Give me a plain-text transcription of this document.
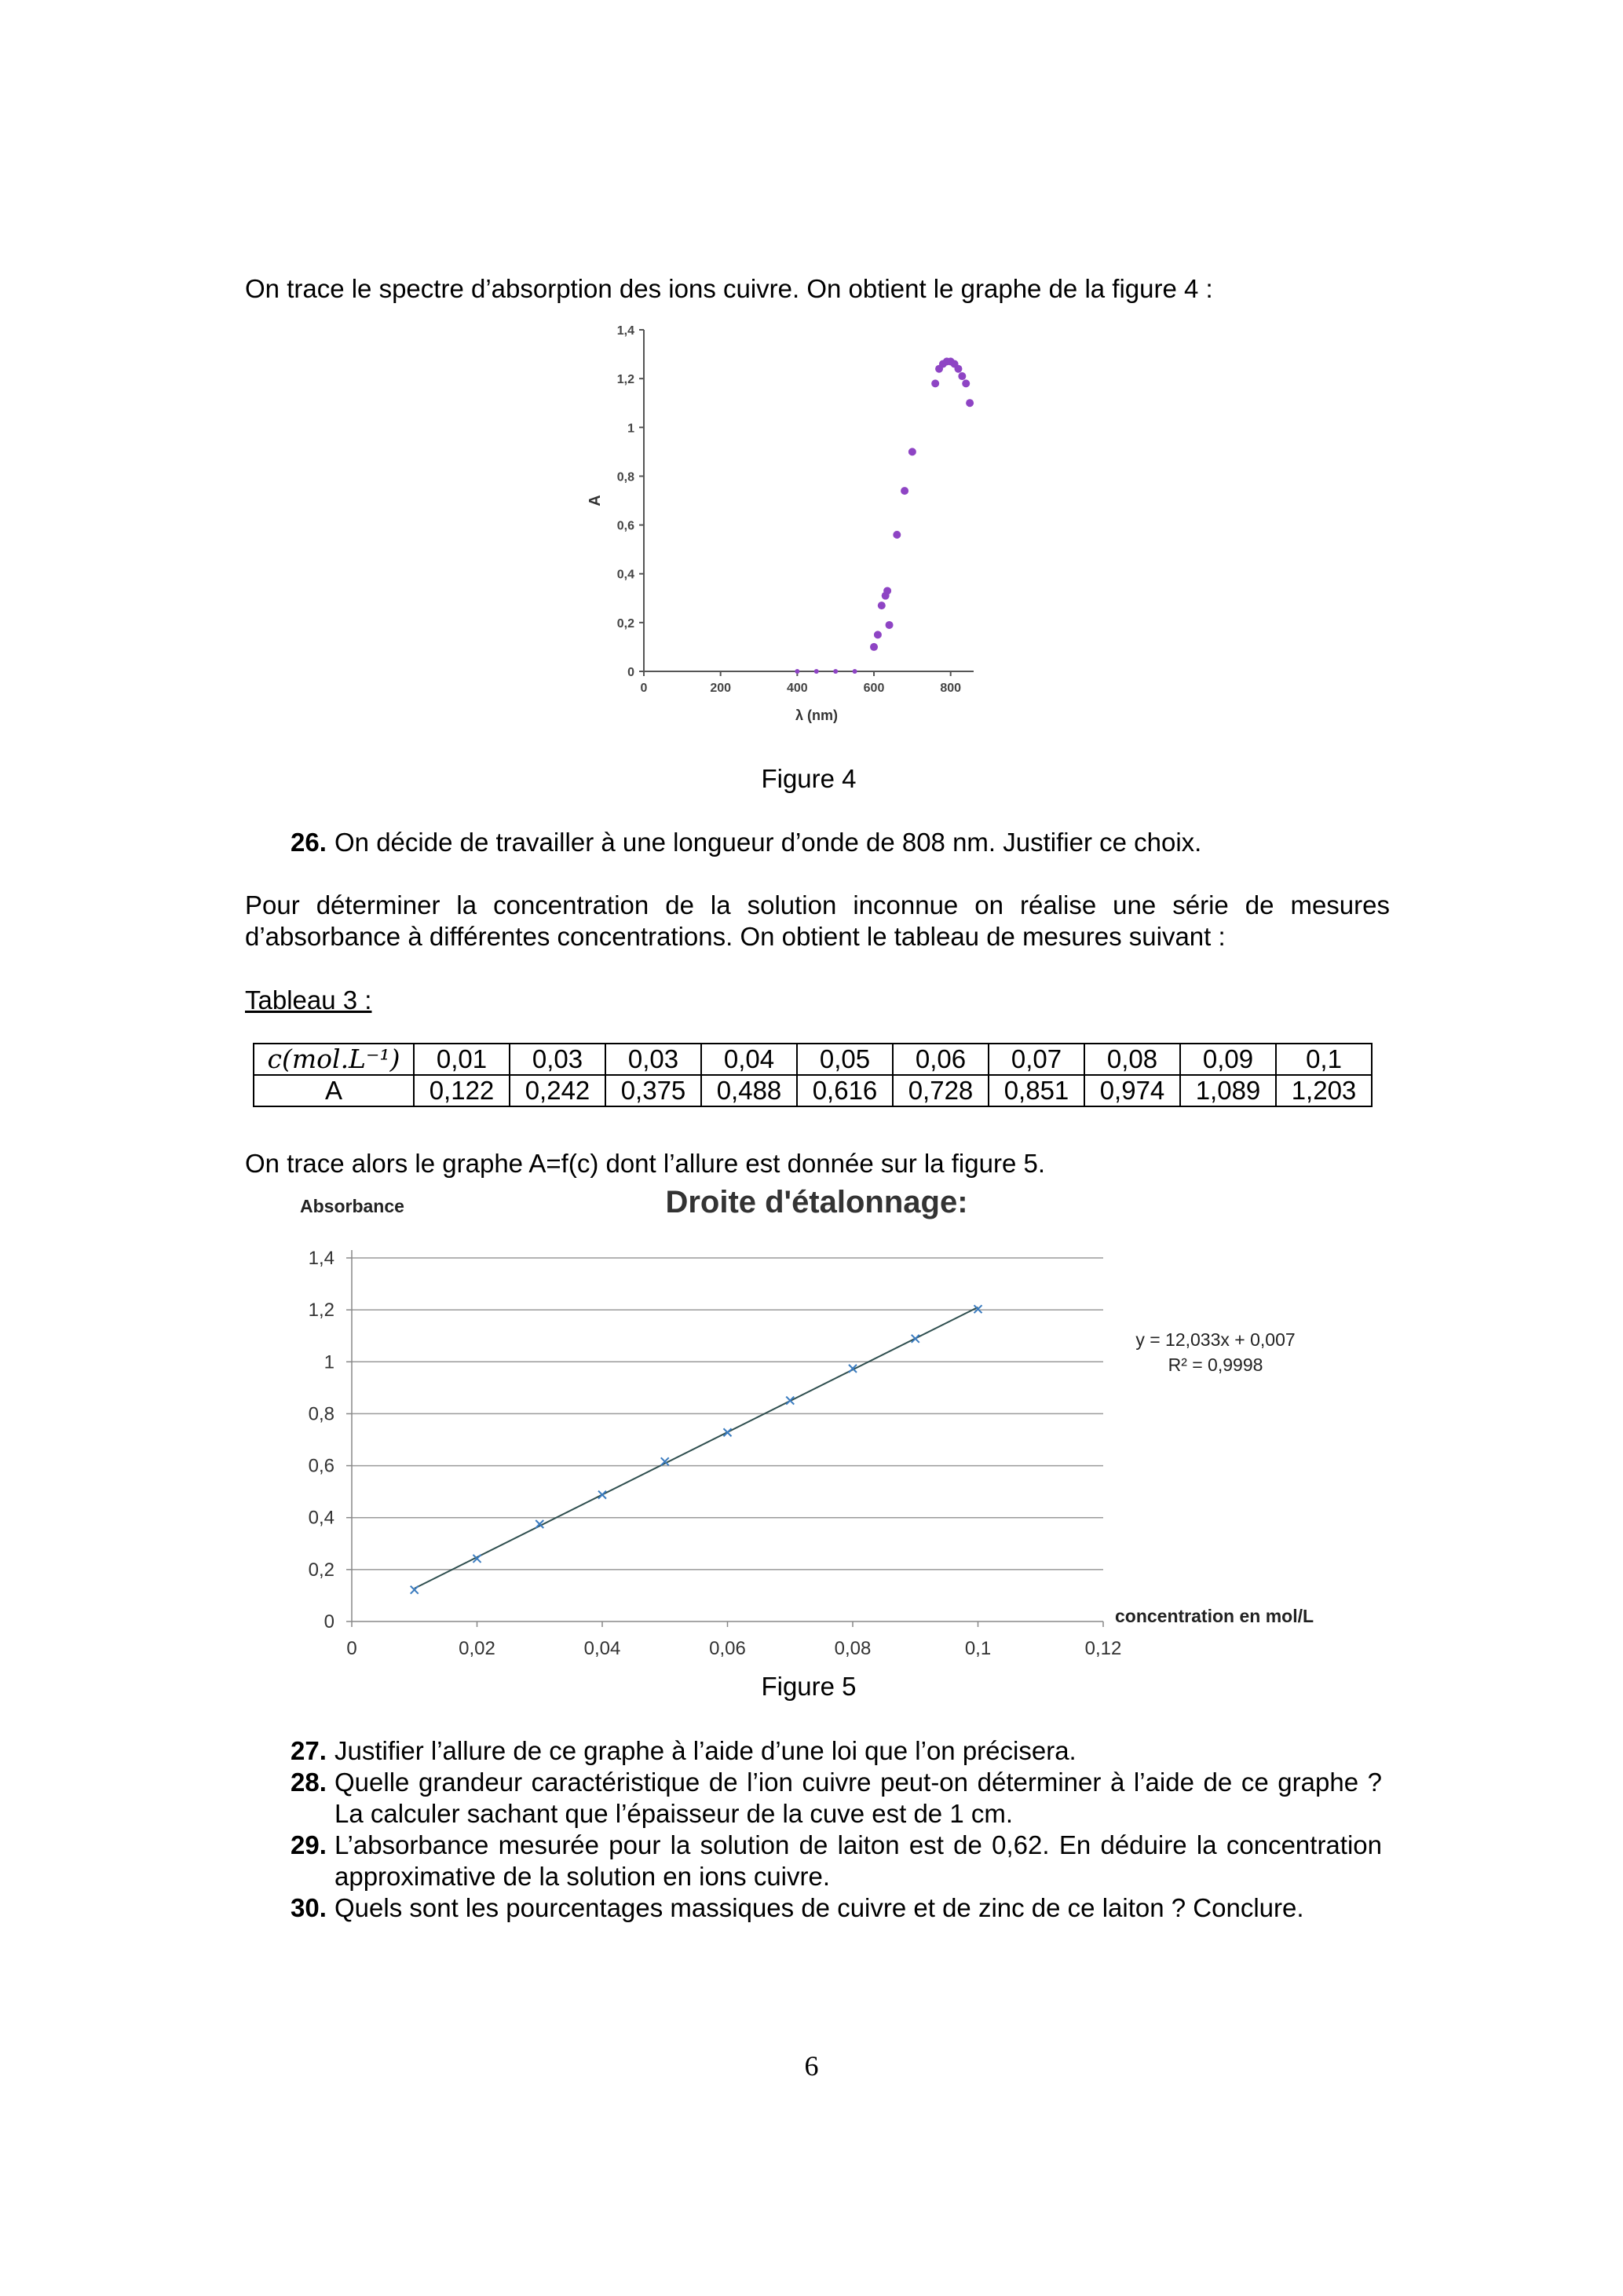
On trace le spectre d’absorption des ions cuivre. On obtient le graphe de la figure 4 :
0
0,2
0,4
0,6
0,8
1
1,2
1,4
0	200	400	600	800
A
λ (nm)
Figure 4
26. On décide de travailler à une longueur d’onde de 808 nm. Justifier ce choix.
Pour déterminer la concentration de la solution inconnue on réalise une série de mesures d’absorbance à différentes concentrations. On obtient le tableau de mesures suivant :
Tableau 3 :
c(mol.L⁻¹)	0,01	0,03	0,03	0,04	0,05	0,06	0,07	0,08	0,09	0,1
A	0,122	0,242	0,375	0,488	0,616	0,728	0,851	0,974	1,089	1,203
On trace alors le graphe A=f(c) dont l’allure est donnée sur la figure 5.
Droite d'étalonnage:
Absorbance
0
0,2
0,4
0,6
0,8
1
1,2
1,4
0	0,02	0,04	0,06	0,08	0,1	0,12
y = 12,033x + 0,007
R² = 0,9998
concentration en mol/L
Figure 5
27. Justifier l’allure de ce graphe à l’aide d’une loi que l’on précisera.
28. Quelle grandeur caractéristique de l’ion cuivre peut-on déterminer à l’aide de ce graphe ? La calculer sachant que l’épaisseur de la cuve est de 1 cm.
29. L’absorbance mesurée pour la solution de laiton est de 0,62. En déduire la concentration approximative de la solution en ions cuivre.
30. Quels sont les pourcentages massiques de cuivre et de zinc de ce laiton ? Conclure.
6
